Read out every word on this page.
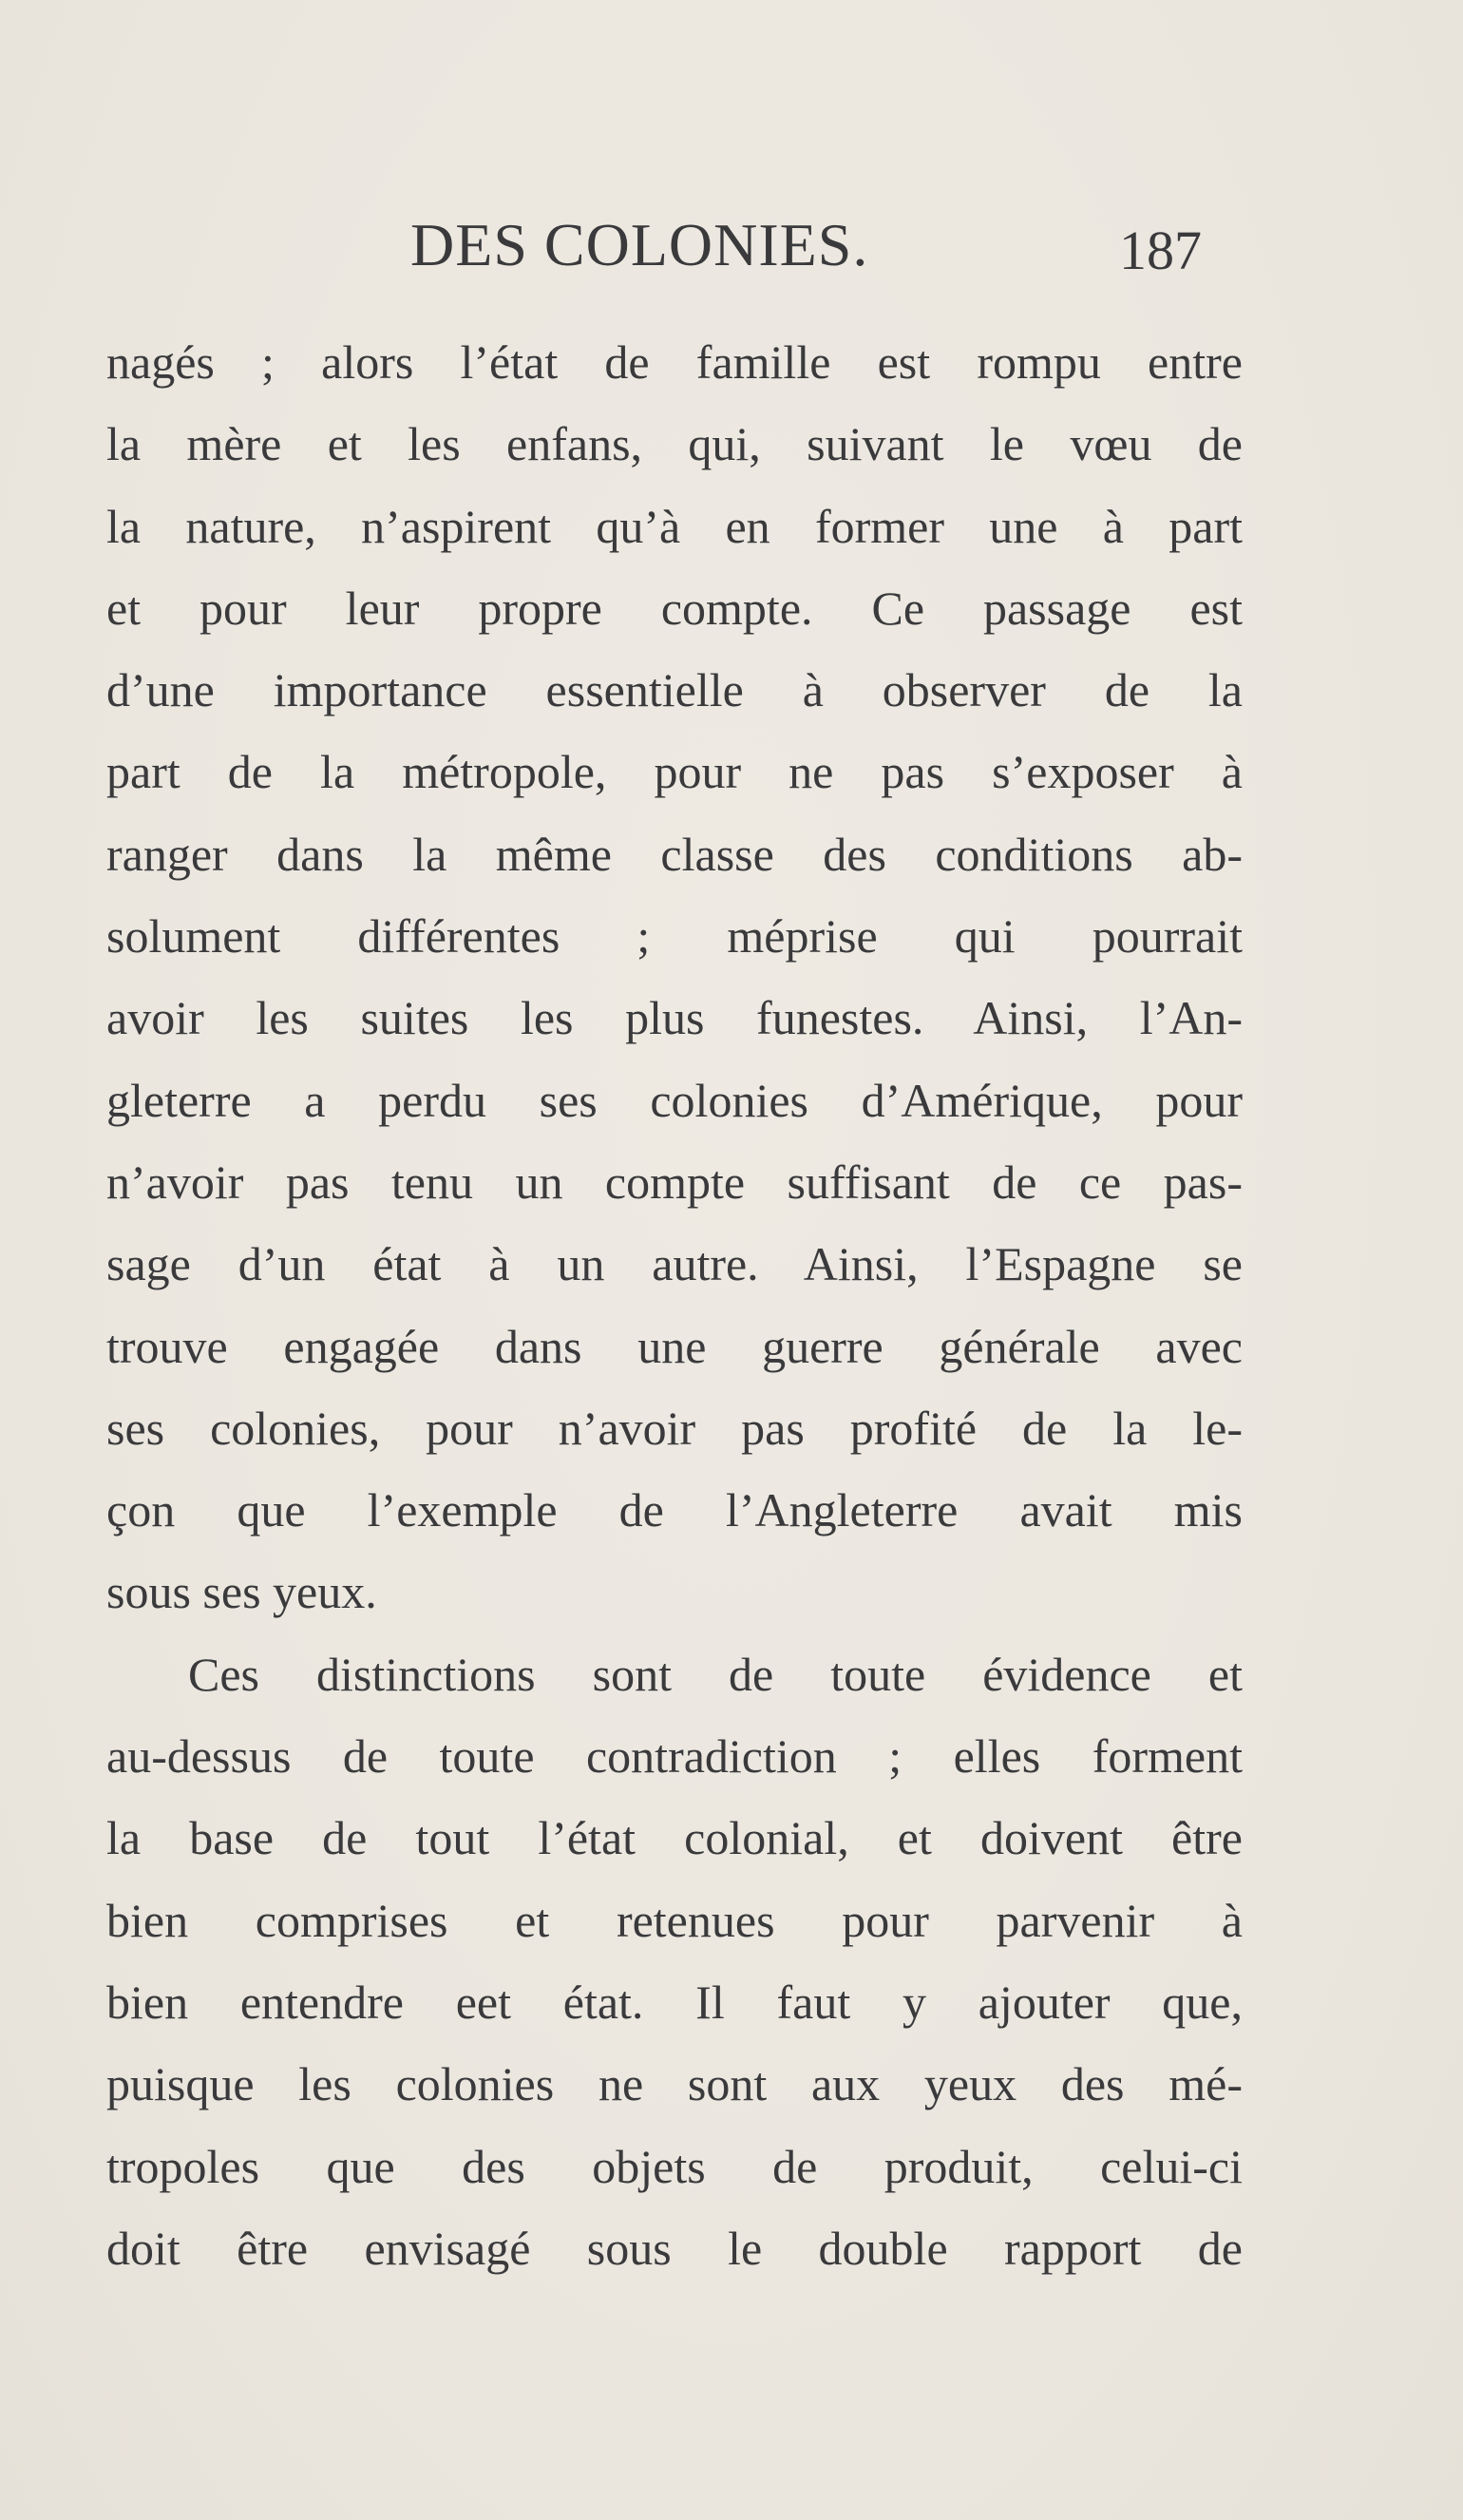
DES COLONIES.	187
nagés ; alors l’état de famille est rompu entre
la mère et les enfans, qui, suivant le vœu de
la nature, n’aspirent qu’à en former une à part
et pour leur propre compte. Ce passage est
d’une importance essentielle à observer de la
part de la métropole, pour ne pas s’exposer à
ranger dans la même classe des conditions ab-
solument différentes ; méprise qui pourrait
avoir les suites les plus funestes. Ainsi, l’An-
gleterre a perdu ses colonies d’Amérique, pour
n’avoir pas tenu un compte suffisant de ce pas-
sage d’un état à un autre. Ainsi, l’Espagne se
trouve engagée dans une guerre générale avec
ses colonies, pour n’avoir pas profité de la le-
çon que l’exemple de l’Angleterre avait mis
sous ses yeux.
Ces distinctions sont de toute évidence et
au-dessus de toute contradiction ; elles forment
la base de tout l’état colonial, et doivent être
bien comprises et retenues pour parvenir à
bien entendre eet état. Il faut y ajouter que,
puisque les colonies ne sont aux yeux des mé-
tropoles que des objets de produit, celui-ci
doit être envisagé sous le double rapport de
